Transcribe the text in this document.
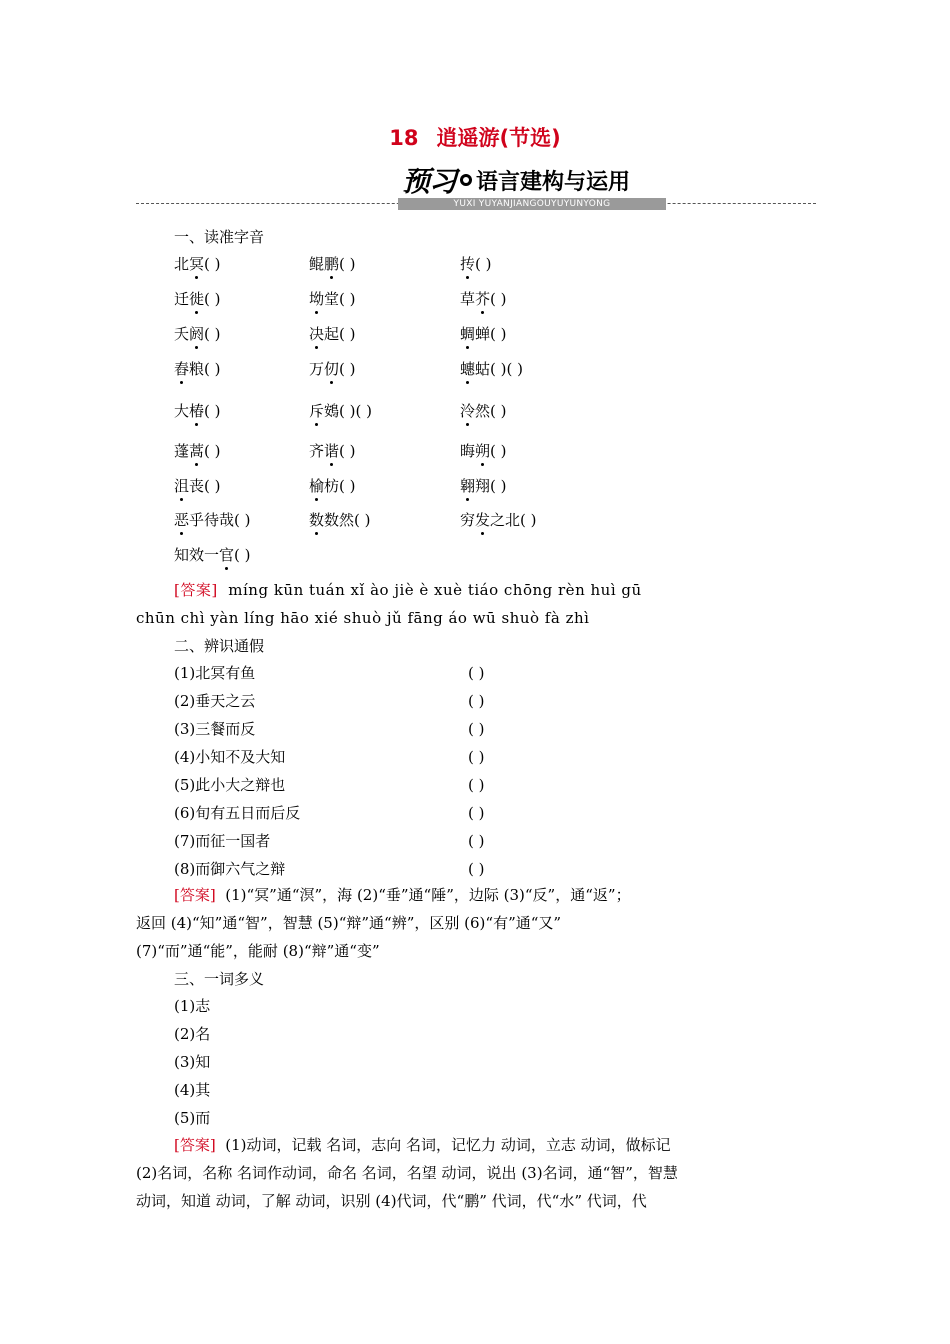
18 逍遥游(节选)
预习 语言建构与运用
YUXI YUYANJIANGOUYUYUNYONG
一、读准字音
北冥( )	鲲鹏( )	抟( )
迁徙( )	坳堂( )	草芥( )
夭阏( )	决起( )	蜩蝉( )
舂粮( )	万仞( )	蟪蛄( )( )
大椿( )	斥鴳( )( )	泠然( )
蓬蒿( )	齐谐( )	晦朔( )
沮丧( )	榆枋( )	翱翔( )
恶乎待哉( )	数数然( )	穷发之北( )
知效一官( )
[答案] míng kūn tuán xǐ ào jiè è xuè tiáo chōng rèn huì gū
chūn chì yàn líng hāo xié shuò jǔ fāng áo wū shuò fà zhì
二、辨识通假
(1)北冥有鱼	( )
(2)垂天之云	( )
(3)三餐而反	( )
(4)小知不及大知	( )
(5)此小大之辩也	( )
(6)旬有五日而后反	( )
(7)而征一国者	( )
(8)而御六气之辩	( )
[答案] (1)“冥”通“溟”，海 (2)“垂”通“陲”，边际 (3)“反”，通“返”；
返回 (4)“知”通“智”，智慧 (5)“辩”通“辨”，区别 (6)“有”通“又”
(7)“而”通“能”，能耐 (8)“辩”通“变”
三、一词多义
(1)志
(2)名
(3)知
(4)其
(5)而
[答案] (1)动词，记载 名词，志向 名词，记忆力 动词，立志 动词，做标记
(2)名词，名称 名词作动词，命名 名词，名望 动词，说出 (3)名词，通“智”，智慧
动词，知道 动词，了解 动词，识别 (4)代词，代“鹏” 代词，代“水” 代词，代
